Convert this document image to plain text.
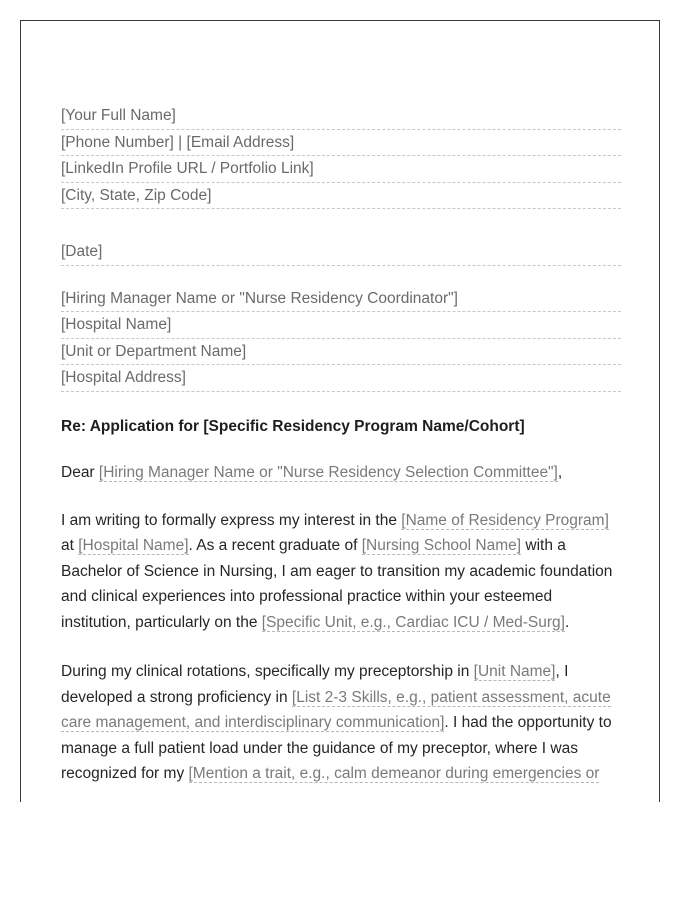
[Your Full Name]
[Phone Number] | [Email Address]
[LinkedIn Profile URL / Portfolio Link]
[City, State, Zip Code]
[Date]
[Hiring Manager Name or "Nurse Residency Coordinator"]
[Hospital Name]
[Unit or Department Name]
[Hospital Address]
Re: Application for [Specific Residency Program Name/Cohort]
Dear [Hiring Manager Name or "Nurse Residency Selection Committee"],
I am writing to formally express my interest in the [Name of Residency Program] at [Hospital Name]. As a recent graduate of [Nursing School Name] with a Bachelor of Science in Nursing, I am eager to transition my academic foundation and clinical experiences into professional practice within your esteemed institution, particularly on the [Specific Unit, e.g., Cardiac ICU / Med-Surg].
During my clinical rotations, specifically my preceptorship in [Unit Name], I developed a strong proficiency in [List 2-3 Skills, e.g., patient assessment, acute care management, and interdisciplinary communication]. I had the opportunity to manage a full patient load under the guidance of my preceptor, where I was recognized for my [Mention a trait, e.g., calm demeanor during emergencies or
